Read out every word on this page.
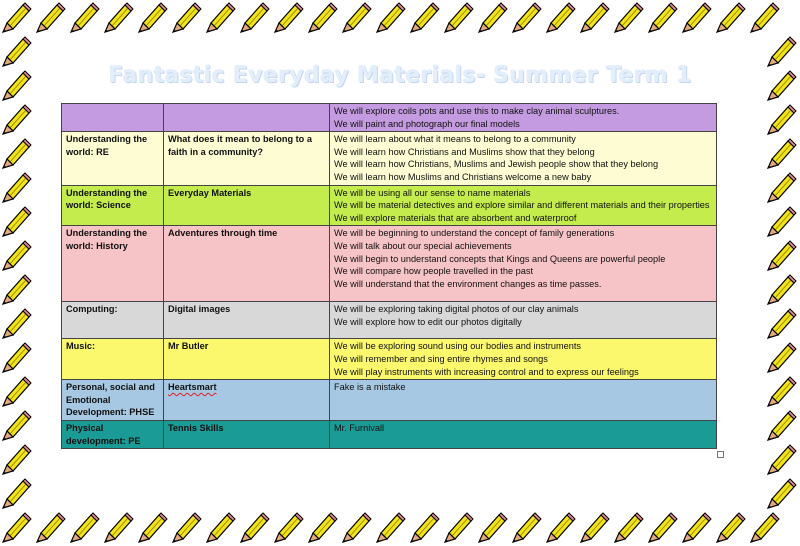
Fantastic Everyday Materials- Summer Term 1

		We will explore coils pots and use this to make clay animal sculptures.
We will paint and photograph our final models

Understanding the world: RE	What does it mean to belong to a faith in a community?	We will learn about what it means to belong to a community
We will learn how Christians and Muslims show that they belong
We will learn how Christians, Muslims and Jewish people show that they belong
We will learn how Muslims and Christians welcome a new baby

Understanding the world: Science	Everyday Materials	We will be using all our sense to name materials
We will be material detectives and explore similar and different materials and their properties
We will explore materials that are absorbent and waterproof

Understanding the world: History	Adventures through time	We will be beginning to understand the concept of family generations
We will talk about our special achievements
We will begin to understand concepts that Kings and Queens are powerful people
We will compare how people travelled in the past
We will understand that the environment changes as time passes.

Computing:	Digital images	We will be exploring taking digital photos of our clay animals
We will explore how to edit our photos digitally

Music:	Mr Butler	We will be exploring sound using our bodies and instruments
We will remember and sing entire rhymes and songs
We will play instruments with increasing control and to express our feelings

Personal, social and Emotional Development: PHSE	Heartsmart	Fake is a mistake

Physical development: PE	Tennis Skills	Mr. Furnivall
